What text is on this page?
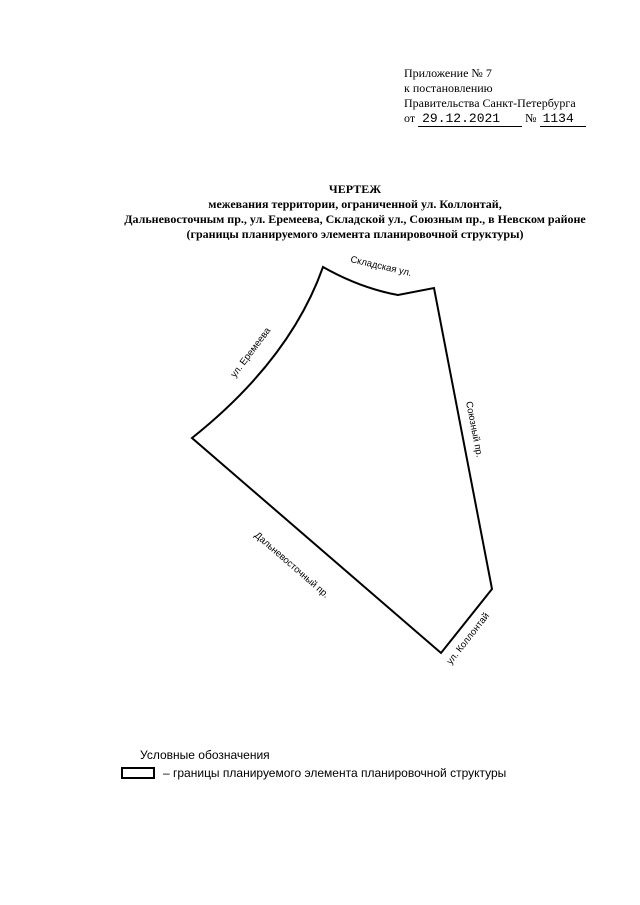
Приложение № 7
к постановлению
Правительства Санкт-Петербурга
от 29.12.2021 № 1134
ЧЕРТЕЖ
межевания территории, ограниченной ул. Коллонтай,
Дальневосточным пр., ул. Еремеева, Складской ул., Союзным пр., в Невском районе
(границы планируемого элемента планировочной структуры)
Складская ул.
ул. Еремеева
Союзный пр.
Дальневосточный пр.
ул. Коллонтай
Условные обозначения
– границы планируемого элемента планировочной структуры
